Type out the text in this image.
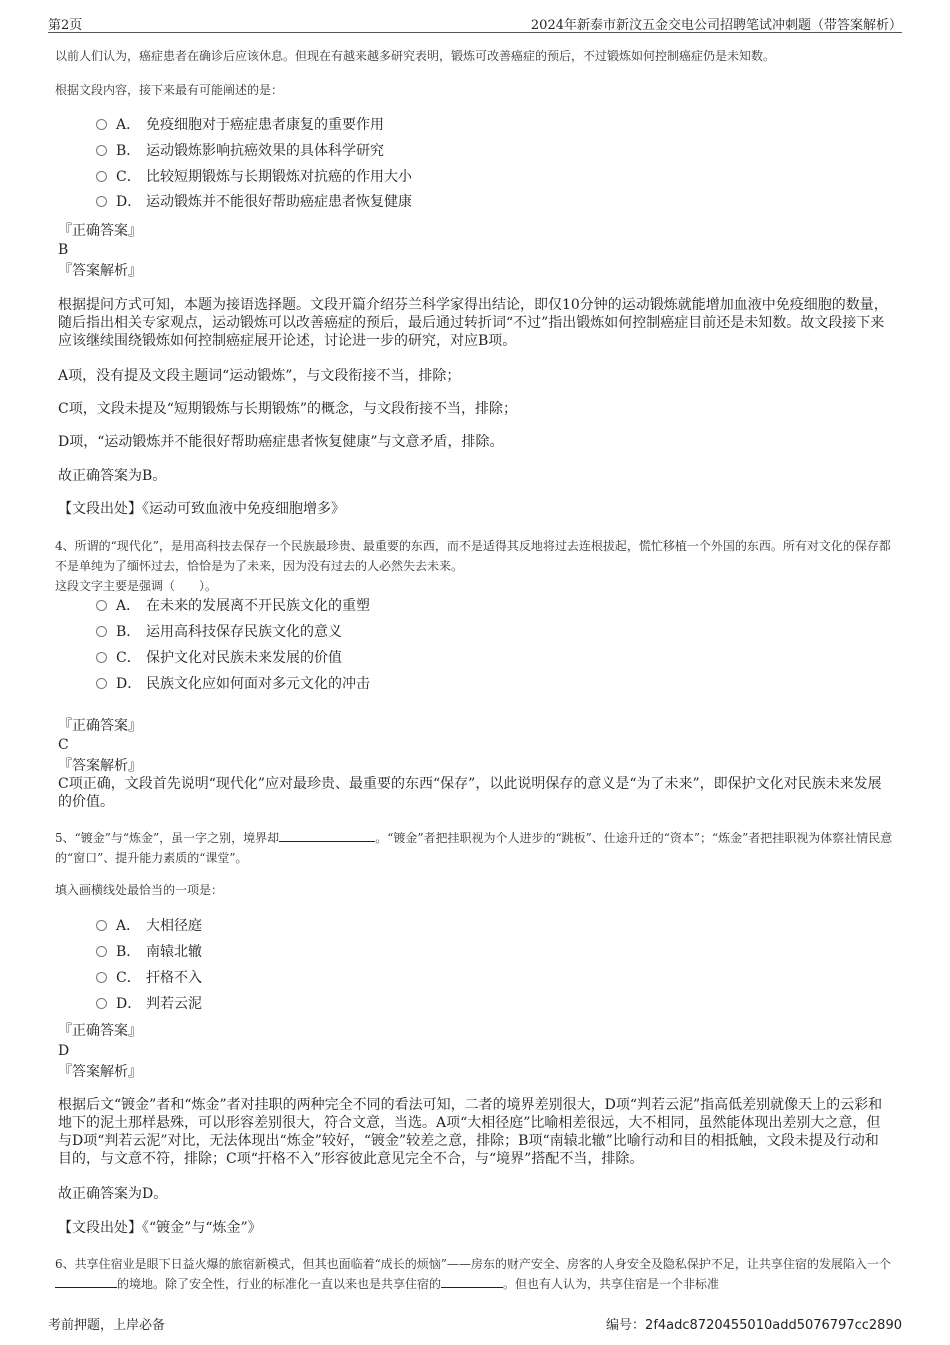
第2页	2024年新泰市新汶五金交电公司招聘笔试冲刺题（带答案解析）
以前人们认为，癌症患者在确诊后应该休息。但现在有越来越多研究表明，锻炼可改善癌症的预后，不过锻炼如何控制癌症仍是未知数。
根据文段内容，接下来最有可能阐述的是：
A． 免疫细胞对于癌症患者康复的重要作用
B． 运动锻炼影响抗癌效果的具体科学研究
C． 比较短期锻炼与长期锻炼对抗癌的作用大小
D． 运动锻炼并不能很好帮助癌症患者恢复健康
『正确答案』
B
『答案解析』
根据提问方式可知，本题为接语选择题。文段开篇介绍芬兰科学家得出结论，即仅10分钟的运动锻炼就能增加血液中免疫细胞的数量，随后指出相关专家观点，运动锻炼可以改善癌症的预后，最后通过转折词“不过”指出锻炼如何控制癌症目前还是未知数。故文段接下来应该继续围绕锻炼如何控制癌症展开论述，讨论进一步的研究，对应B项。
A项，没有提及文段主题词“运动锻炼”，与文段衔接不当，排除；
C项，文段未提及“短期锻炼与长期锻炼”的概念，与文段衔接不当，排除；
D项，“运动锻炼并不能很好帮助癌症患者恢复健康”与文意矛盾，排除。
故正确答案为B。
【文段出处】《运动可致血液中免疫细胞增多》
4、所谓的“现代化”，是用高科技去保存一个民族最珍贵、最重要的东西，而不是适得其反地将过去连根拔起，慌忙移植一个外国的东西。所有对文化的保存都不是单纯为了缅怀过去，恰恰是为了未来，因为没有过去的人必然失去未来。
这段文字主要是强调（　　）。
A． 在未来的发展离不开民族文化的重塑
B． 运用高科技保存民族文化的意义
C． 保护文化对民族未来发展的价值
D． 民族文化应如何面对多元文化的冲击
『正确答案』
C
『答案解析』
C项正确，文段首先说明“现代化”应对最珍贵、最重要的东西“保存”，以此说明保存的意义是“为了未来”，即保护文化对民族未来发展的价值。
5、“镀金”与“炼金”，虽一字之别，境界却	。“镀金”者把挂职视为个人进步的“跳板”、仕途升迁的“资本”；“炼金”者把挂职视为体察社情民意的“窗口”、提升能力素质的“课堂”。
填入画横线处最恰当的一项是：
A． 大相径庭
B． 南辕北辙
C． 扞格不入
D． 判若云泥
『正确答案』
D
『答案解析』
根据后文“镀金”者和“炼金”者对挂职的两种完全不同的看法可知，二者的境界差别很大，D项“判若云泥”指高低差别就像天上的云彩和地下的泥土那样悬殊，可以形容差别很大，符合文意，当选。A项“大相径庭”比喻相差很远，大不相同，虽然能体现出差别大之意，但与D项“判若云泥”对比，无法体现出“炼金”较好，“镀金”较差之意，排除；B项“南辕北辙”比喻行动和目的相抵触，文段未提及行动和目的，与文意不符，排除；C项“扞格不入”形容彼此意见完全不合，与“境界”搭配不当，排除。
故正确答案为D。
【文段出处】《“镀金”与“炼金”》
6、共享住宿业是眼下日益火爆的旅宿新模式，但其也面临着“成长的烦恼”——房东的财产安全、房客的人身安全及隐私保护不足，让共享住宿的发展陷入一个的境地。除了安全性，行业的标准化一直以来也是共享住宿的	。但也有人认为，共享住宿是一个非标准
考前押题，上岸必备	编号：2f4adc8720455010add5076797cc2890
